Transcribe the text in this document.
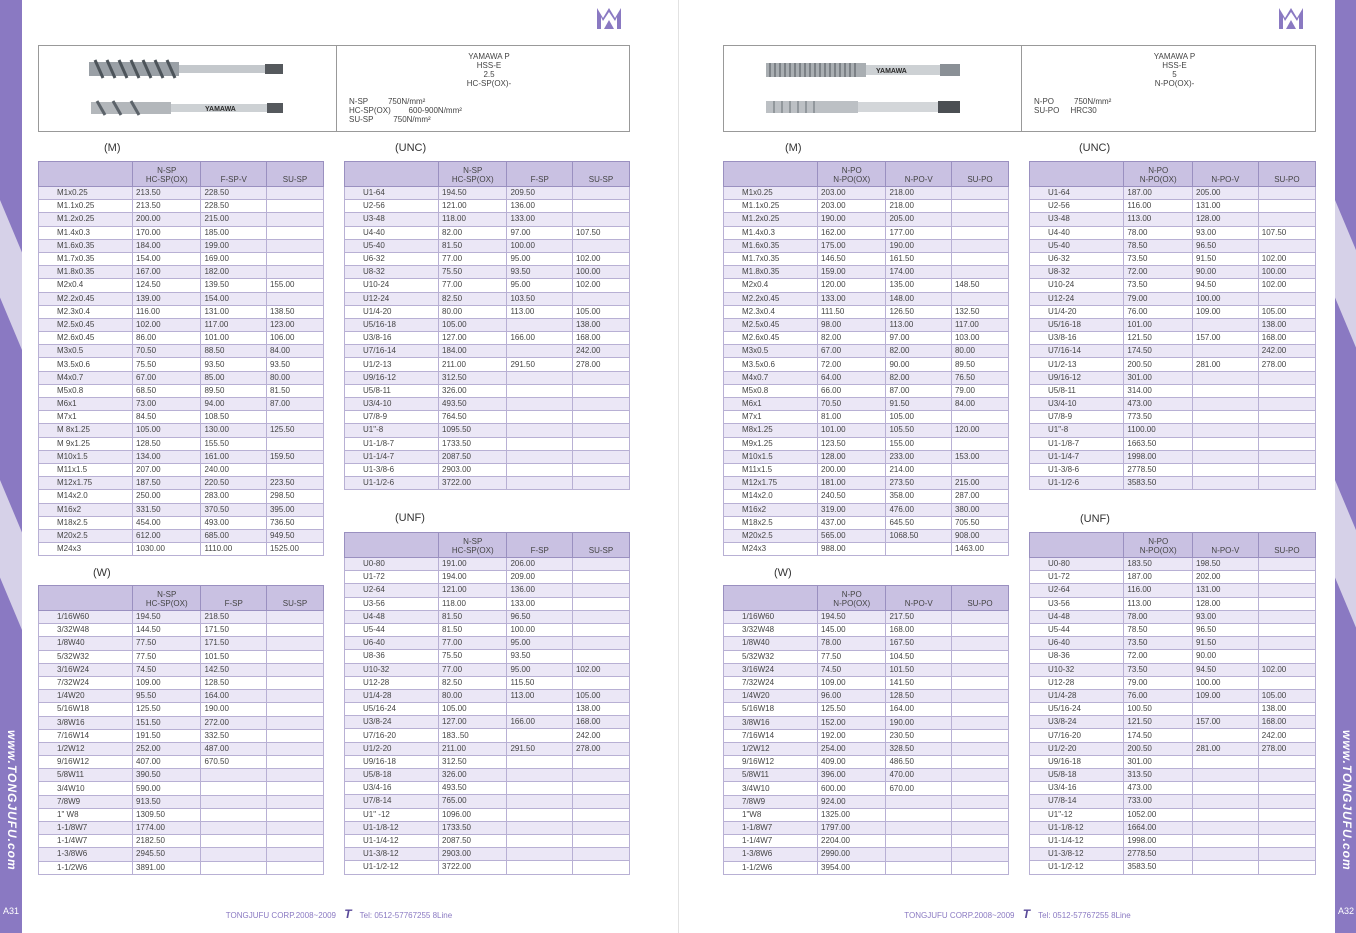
www.TONGJUFU.com
A31
YAMAWA
YAMAWA P
HSS-E
2.5
HC-SP(OX)-
N-SP         750N/mm²
HC-SP(OX)        600-900N/mm²
SU-SP         750N/mm²
(M)
	N-SP
HC-SP(OX)	F-SP-V	SU-SP
M1x0.25	213.50	228.50	
M1.1x0.25	213.50	228.50	
M1.2x0.25	200.00	215.00	
M1.4x0.3	170.00	185.00	
M1.6x0.35	184.00	199.00	
M1.7x0.35	154.00	169.00	
M1.8x0.35	167.00	182.00	
M2x0.4	124.50	139.50	155.00
M2.2x0.45	139.00	154.00	
M2.3x0.4	116.00	131.00	138.50
M2.5x0.45	102.00	117.00	123.00
M2.6x0.45	86.00	101.00	106.00
M3x0.5	70.50	88.50	84.00
M3.5x0.6	75.50	93.50	93.50
M4x0.7	67.00	85.00	80.00
M5x0.8	68.50	89.50	81.50
M6x1	73.00	94.00	87.00
M7x1	84.50	108.50	
M 8x1.25	105.00	130.00	125.50
M 9x1.25	128.50	155.50	
M10x1.5	134.00	161.00	159.50
M11x1.5	207.00	240.00	
M12x1.75	187.50	220.50	223.50
M14x2.0	250.00	283.00	298.50
M16x2	331.50	370.50	395.00
M18x2.5	454.00	493.00	736.50
M20x2.5	612.00	685.00	949.50
M24x3	1030.00	1110.00	1525.00
(W)
	N-SP
HC-SP(OX)	F-SP	SU-SP
1/16W60	194.50	218.50	
3/32W48	144.50	171.50	
1/8W40	77.50	171.50	
5/32W32	77.50	101.50	
3/16W24	74.50	142.50	
7/32W24	109.00	128.50	
1/4W20	95.50	164.00	
5/16W18	125.50	190.00	
3/8W16	151.50	272.00	
7/16W14	191.50	332.50	
1/2W12	252.00	487.00	
9/16W12	407.00	670.50	
5/8W11	390.50		
3/4W10	590.00		
7/8W9	913.50		
1" W8	1309.50		
1-1/8W7	1774.00		
1-1/4W7	2182.50		
1-3/8W6	2945.50		
1-1/2W6	3891.00		
(UNC)
	N-SP
HC-SP(OX)	F-SP	SU-SP
U1-64	194.50	209.50	
U2-56	121.00	136.00	
U3-48	118.00	133.00	
U4-40	82.00	97.00	107.50
U5-40	81.50	100.00	
U6-32	77.00	95.00	102.00
U8-32	75.50	93.50	100.00
U10-24	77.00	95.00	102.00
U12-24	82.50	103.50	
U1/4-20	80.00	113.00	105.00
U5/16-18	105.00		138.00
U3/8-16	127.00	166.00	168.00
U7/16-14	184.00		242.00
U1/2-13	211.00	291.50	278.00
U9/16-12	312.50		
U5/8-11	326.00		
U3/4-10	493.50		
U7/8-9	764.50		
U1"-8	1095.50		
U1-1/8-7	1733.50		
U1-1/4-7	2087.50		
U1-3/8-6	2903.00		
U1-1/2-6	3722.00		
(UNF)
	N-SP
HC-SP(OX)	F-SP	SU-SP
U0-80	191.00	206.00	
U1-72	194.00	209.00	
U2-64	121.00	136.00	
U3-56	118.00	133.00	
U4-48	81.50	96.50	
U5-44	81.50	100.00	
U6-40	77.00	95.00	
U8-36	75.50	93.50	
U10-32	77.00	95.00	102.00
U12-28	82.50	115.50	
U1/4-28	80.00	113.00	105.00
U5/16-24	105.00		138.00
U3/8-24	127.00	166.00	168.00
U7/16-20	183..50		242.00
U1/2-20	211.00	291.50	278.00
U9/16-18	312.50		
U5/8-18	326.00		
U3/4-16	493.50		
U7/8-14	765.00		
U1" -12	1096.00		
U1-1/8-12	1733.50		
U1-1/4-12	2087.50		
U1-3/8-12	2903.00		
U1-1/2-12	3722.00		
TONGJUFU CORP.2008~2009 T Tel: 0512-57767255 8Line
www.TONGJUFU.com
A32
YAMAWA
YAMAWA P
HSS-E
5
N-PO(OX)-
N-PO         750N/mm²
SU-PO     HRC30
(M)
	N-PO
N-PO(OX)	N-PO-V	SU-PO
M1x0.25	203.00	218.00	
M1.1x0.25	203.00	218.00	
M1.2x0.25	190.00	205.00	
M1.4x0.3	162.00	177.00	
M1.6x0.35	175.00	190.00	
M1.7x0.35	146.50	161.50	
M1.8x0.35	159.00	174.00	
M2x0.4	120.00	135.00	148.50
M2.2x0.45	133.00	148.00	
M2.3x0.4	111.50	126.50	132.50
M2.5x0.45	98.00	113.00	117.00
M2.6x0.45	82.00	97.00	103.00
M3x0.5	67.00	82.00	80.00
M3.5x0.6	72.00	90.00	89.50
M4x0.7	64.00	82.00	76.50
M5x0.8	66.00	87.00	79.00
M6x1	70.50	91.50	84.00
M7x1	81.00	105.00	
M8x1.25	101.00	105.50	120.00
M9x1.25	123.50	155.00	
M10x1.5	128.00	233.00	153.00
M11x1.5	200.00	214.00	
M12x1.75	181.00	273.50	215.00
M14x2.0	240.50	358.00	287.00
M16x2	319.00	476.00	380.00
M18x2.5	437.00	645.50	705.50
M20x2.5	565.00	1068.50	908.00
M24x3	988.00		1463.00
(W)
	N-PO
N-PO(OX)	N-PO-V	SU-PO
1/16W60	194.50	217.50	
3/32W48	145.00	168.00	
1/8W40	78.00	167.50	
5/32W32	77.50	104.50	
3/16W24	74.50	101.50	
7/32W24	109.00	141.50	
1/4W20	96.00	128.50	
5/16W18	125.50	164.00	
3/8W16	152.00	190.00	
7/16W14	192.00	230.50	
1/2W12	254.00	328.50	
9/16W12	409.00	486.50	
5/8W11	396.00	470.00	
3/4W10	600.00	670.00	
7/8W9	924.00		
1"W8	1325.00		
1-1/8W7	1797.00		
1-1/4W7	2204.00		
1-3/8W6	2990.00		
1-1/2W6	3954.00		
(UNC)
	N-PO
N-PO(OX)	N-PO-V	SU-PO
U1-64	187.00	205.00	
U2-56	116.00	131.00	
U3-48	113.00	128.00	
U4-40	78.00	93.00	107.50
U5-40	78.50	96.50	
U6-32	73.50	91.50	102.00
U8-32	72.00	90.00	100.00
U10-24	73.50	94.50	102.00
U12-24	79.00	100.00	
U1/4-20	76.00	109.00	105.00
U5/16-18	101.00		138.00
U3/8-16	121.50	157.00	168.00
U7/16-14	174.50		242.00
U1/2-13	200.50	281.00	278.00
U9/16-12	301.00		
U5/8-11	314.00		
U3/4-10	473.00		
U7/8-9	773.50		
U1"-8	1100.00		
U1-1/8-7	1663.50		
U1-1/4-7	1998.00		
U1-3/8-6	2778.50		
U1-1/2-6	3583.50		
(UNF)
	N-PO
N-PO(OX)	N-PO-V	SU-PO
U0-80	183.50	198.50	
U1-72	187.00	202.00	
U2-64	116.00	131.00	
U3-56	113.00	128.00	
U4-48	78.00	93.00	
U5-44	78.50	96.50	
U6-40	73.50	91.50	
U8-36	72.00	90.00	
U10-32	73.50	94.50	102.00
U12-28	79.00	100.00	
U1/4-28	76.00	109.00	105.00
U5/16-24	100.50		138.00
U3/8-24	121.50	157.00	168.00
U7/16-20	174.50		242.00
U1/2-20	200.50	281.00	278.00
U9/16-18	301.00		
U5/8-18	313.50		
U3/4-16	473.00		
U7/8-14	733.00		
U1"-12	1052.00		
U1-1/8-12	1664.00		
U1-1/4-12	1998.00		
U1-3/8-12	2778.50		
U1-1/2-12	3583.50		
TONGJUFU CORP.2008~2009 T Tel: 0512-57767255 8Line
